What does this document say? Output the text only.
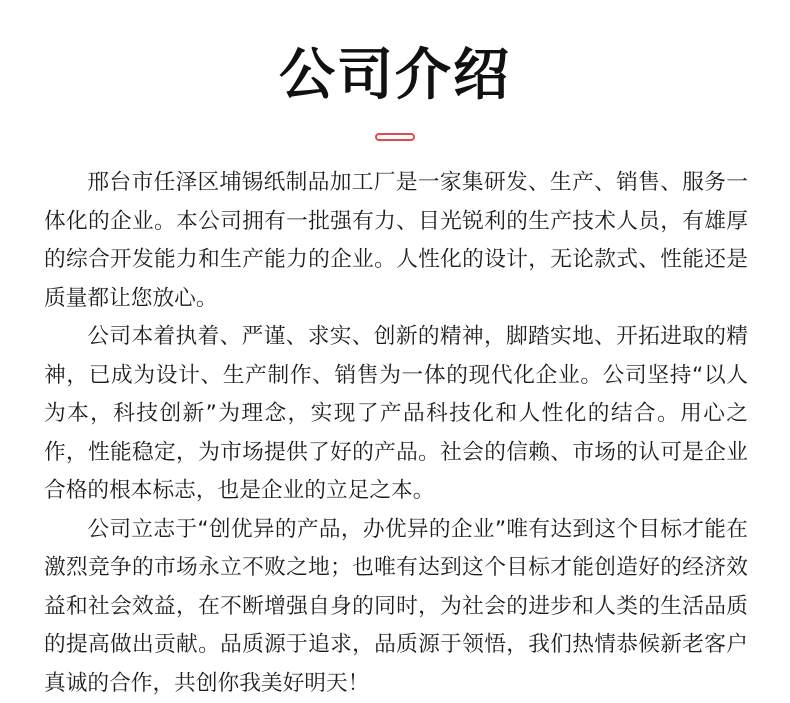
公司介绍

邢台市任泽区埔锡纸制品加工厂是一家集研发、生产、销售、服务一体化的企业。本公司拥有一批强有力、目光锐利的生产技术人员，有雄厚的综合开发能力和生产能力的企业。人性化的设计，无论款式、性能还是质量都让您放心。

公司本着执着、严谨、求实、创新的精神，脚踏实地、开拓进取的精神，已成为设计、生产制作、销售为一体的现代化企业。公司坚持“以人为本，科技创新”为理念，实现了产品科技化和人性化的结合。用心之作，性能稳定，为市场提供了好的产品。社会的信赖、市场的认可是企业合格的根本标志，也是企业的立足之本。

公司立志于“创优异的产品，办优异的企业”唯有达到这个目标才能在激烈竞争的市场永立不败之地；也唯有达到这个目标才能创造好的经济效益和社会效益，在不断增强自身的同时，为社会的进步和人类的生活品质的提高做出贡献。品质源于追求，品质源于领悟，我们热情恭候新老客户真诚的合作，共创你我美好明天！
